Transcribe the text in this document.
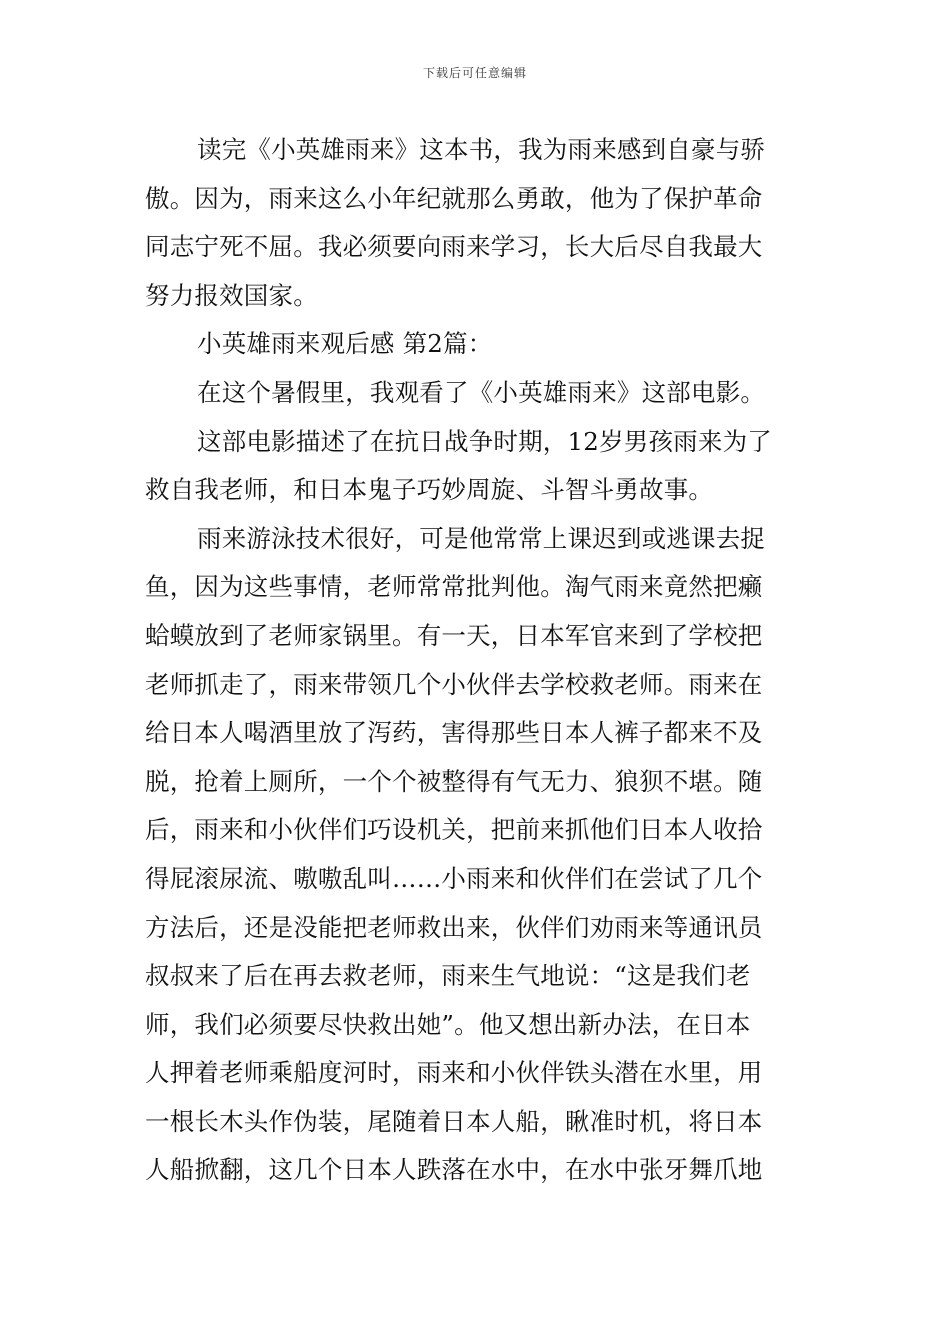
下载后可任意编辑
读完《小英雄雨来》这本书，我为雨来感到自豪与骄
傲。因为，雨来这么小年纪就那么勇敢，他为了保护革命
同志宁死不屈。我必须要向雨来学习，长大后尽自我最大
努力报效国家。
小英雄雨来观后感 第2篇：
在这个暑假里，我观看了《小英雄雨来》这部电影。
这部电影描述了在抗日战争时期，12岁男孩雨来为了
救自我老师，和日本鬼子巧妙周旋、斗智斗勇故事。
雨来游泳技术很好，可是他常常上课迟到或逃课去捉
鱼，因为这些事情，老师常常批判他。淘气雨来竟然把癞
蛤蟆放到了老师家锅里。有一天，日本军官来到了学校把
老师抓走了，雨来带领几个小伙伴去学校救老师。雨来在
给日本人喝酒里放了泻药，害得那些日本人裤子都来不及
脱，抢着上厕所，一个个被整得有气无力、狼狈不堪。随
后，雨来和小伙伴们巧设机关，把前来抓他们日本人收拾
得屁滚尿流、嗷嗷乱叫……小雨来和伙伴们在尝试了几个
方法后，还是没能把老师救出来，伙伴们劝雨来等通讯员
叔叔来了后在再去救老师，雨来生气地说：“这是我们老
师，我们必须要尽快救出她”。他又想出新办法，在日本
人押着老师乘船度河时，雨来和小伙伴铁头潜在水里，用
一根长木头作伪装，尾随着日本人船，瞅准时机，将日本
人船掀翻，这几个日本人跌落在水中，在水中张牙舞爪地
